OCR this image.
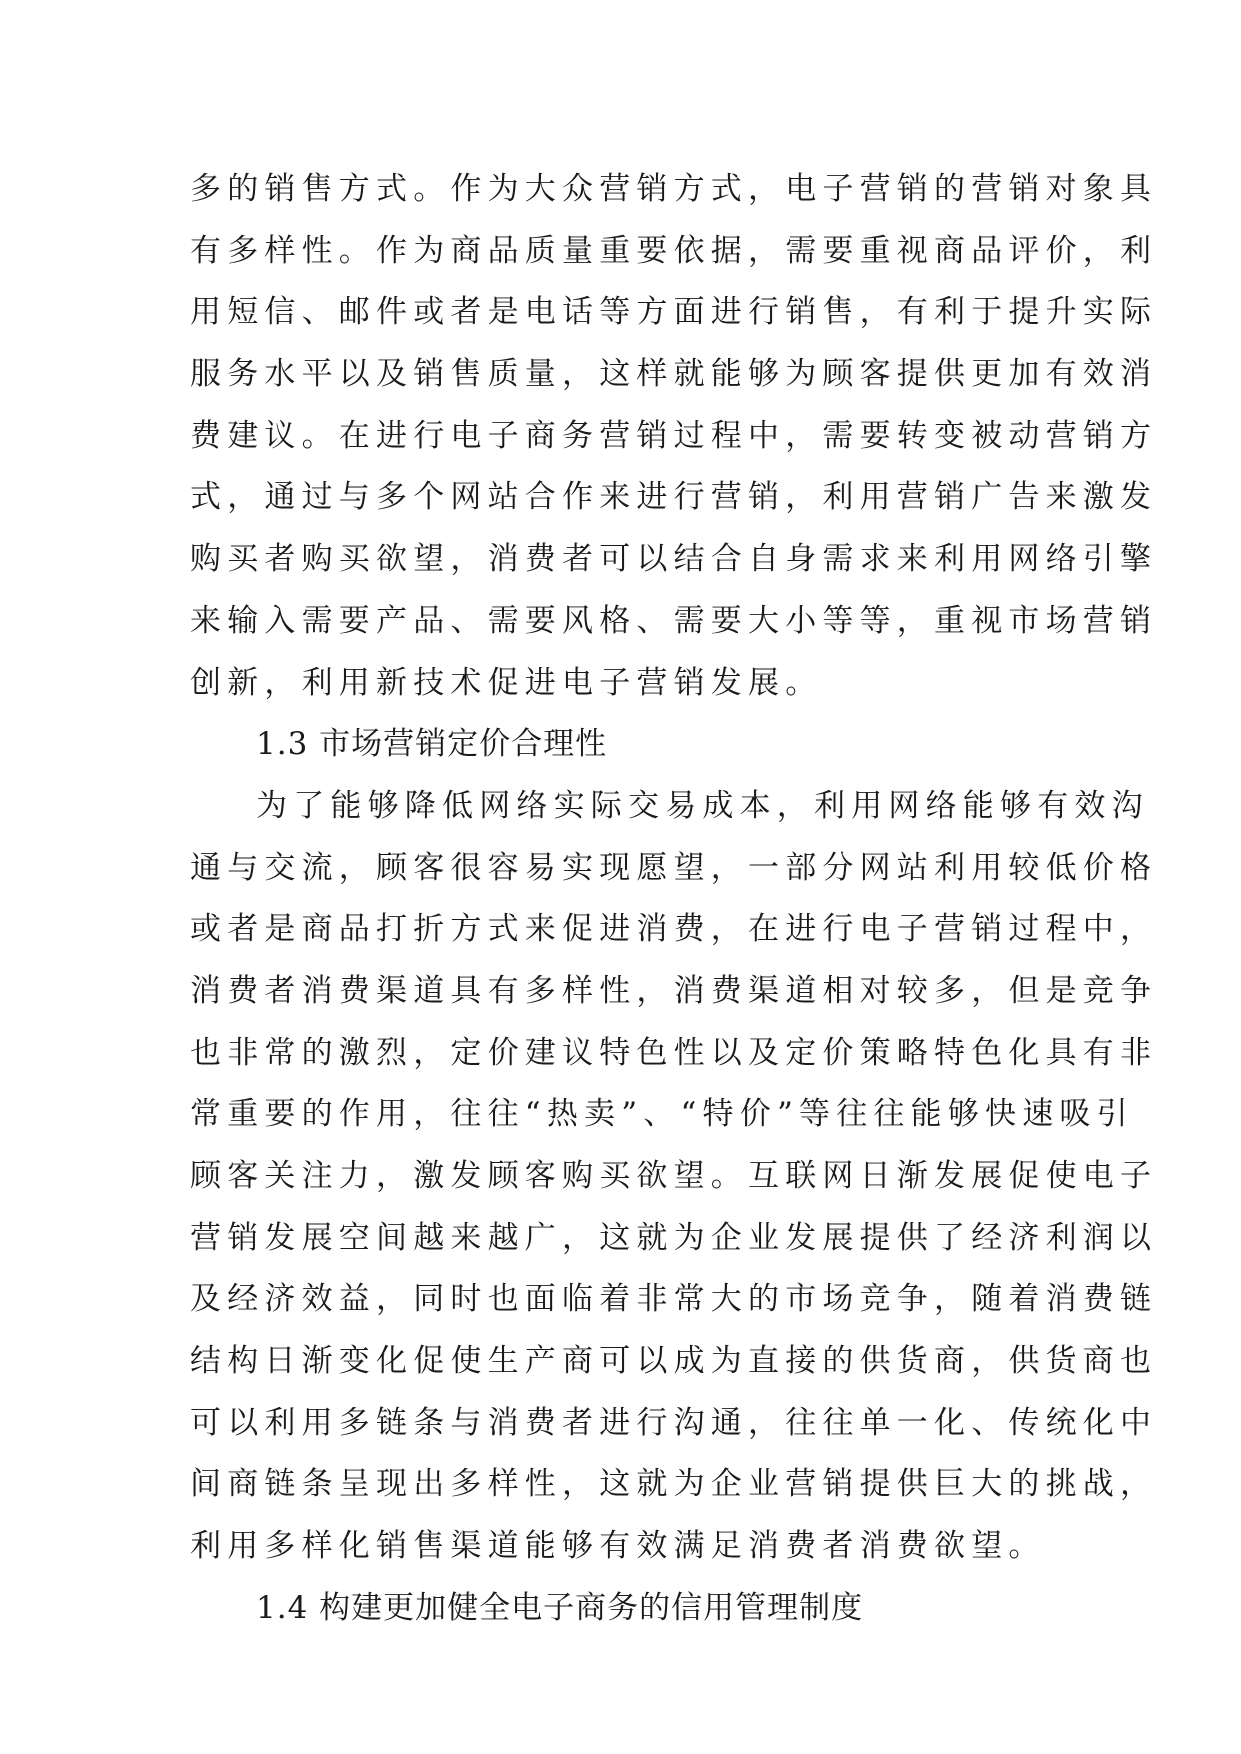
多的销售方式。作为大众营销方式，电子营销的营销对象具
有多样性。作为商品质量重要依据，需要重视商品评价，利
用短信、邮件或者是电话等方面进行销售，有利于提升实际
服务水平以及销售质量，这样就能够为顾客提供更加有效消
费建议。在进行电子商务营销过程中，需要转变被动营销方
式，通过与多个网站合作来进行营销，利用营销广告来激发
购买者购买欲望，消费者可以结合自身需求来利用网络引擎
来输入需要产品、需要风格、需要大小等等，重视市场营销
创新，利用新技术促进电子营销发展。
1.3 市场营销定价合理性
为了能够降低网络实际交易成本，利用网络能够有效沟
通与交流，顾客很容易实现愿望，一部分网站利用较低价格
或者是商品打折方式来促进消费，在进行电子营销过程中，
消费者消费渠道具有多样性，消费渠道相对较多，但是竞争
也非常的激烈，定价建议特色性以及定价策略特色化具有非
常重要的作用，往往“热卖”、“特价”等往往能够快速吸引
顾客关注力，激发顾客购买欲望。互联网日渐发展促使电子
营销发展空间越来越广，这就为企业发展提供了经济利润以
及经济效益，同时也面临着非常大的市场竞争，随着消费链
结构日渐变化促使生产商可以成为直接的供货商，供货商也
可以利用多链条与消费者进行沟通，往往单一化、传统化中
间商链条呈现出多样性，这就为企业营销提供巨大的挑战，
利用多样化销售渠道能够有效满足消费者消费欲望。
1.4 构建更加健全电子商务的信用管理制度
